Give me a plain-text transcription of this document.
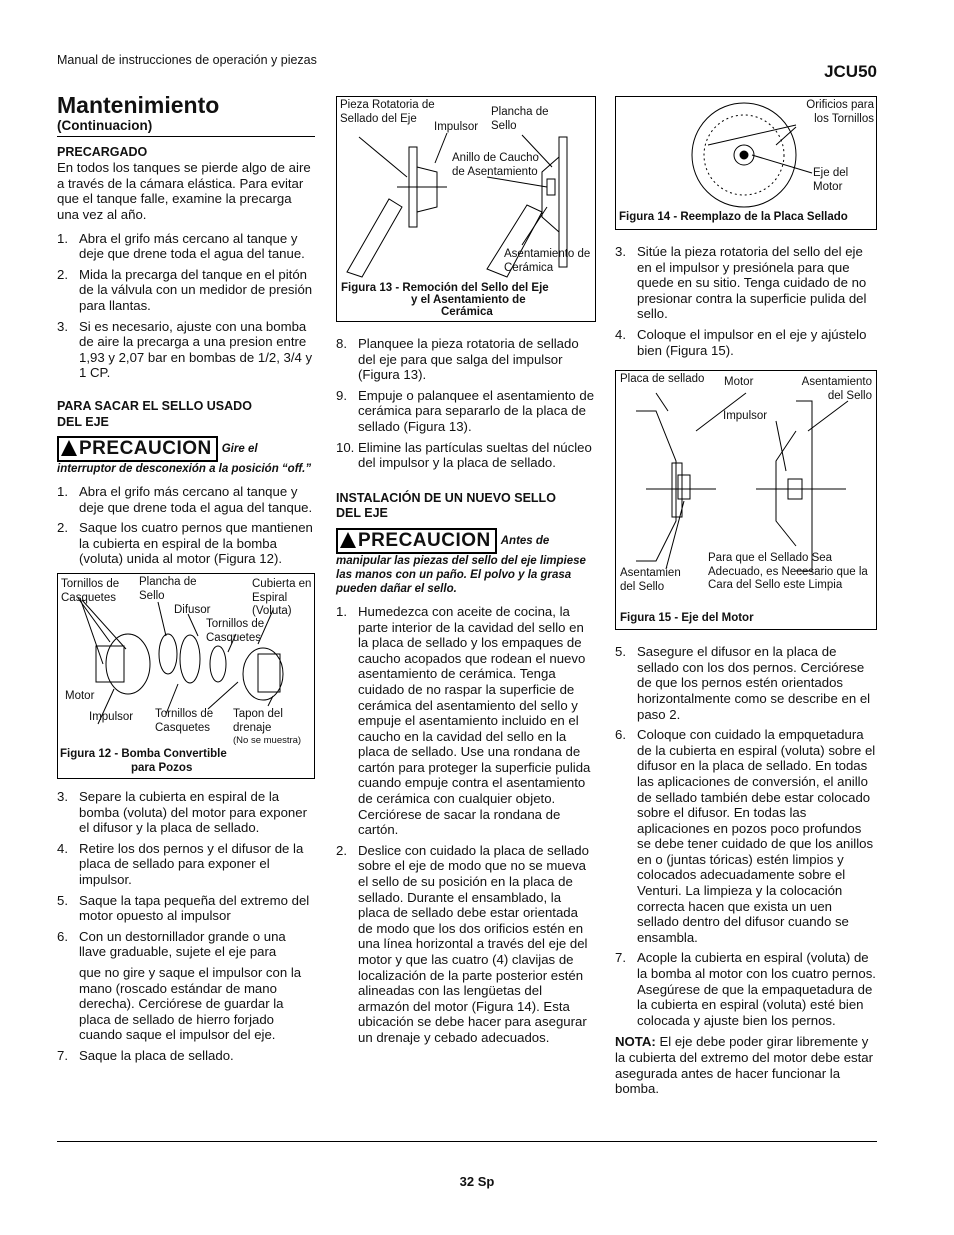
Manual de instrucciones de operación y piezas
JCU50
Mantenimiento
(Continuacion)
PRECARGADO

En todos los tanques se pierde algo de aire a través de la cámara elástica. Para evitar que el tanque falle, examine la precarga una vez al año.

1. Abra el grifo más cercano al tanque y deje que drene toda el agua del tanue.
2. Mida la precarga del tanque en el pitón de la válvula con un medidor de presión para llantas.
3. Si es necesario, ajuste con una bomba de aire la precarga a una presion entre 1,93 y 2,07 bar en bombas de 1/2, 3/4 y 1 CP.
PARA SACAR EL SELLO USADO
DEL EJE
PRECAUCION Gire el interruptor de desconexión a la posición “off.”
1. Abra el grifo más cercano al tanque y deje que drene toda el agua del tanque.
2. Saque los cuatro pernos que mantienen la cubierta en espiral de la bomba (voluta) unida al motor (Figura 12).
Tornillos de Casquetes
Plancha de Sello
Difusor
Cubierta en Espiral (Voluta)
Tornillos de Casquetes
Motor
Impulsor Tornillos de Casquetes
Tapon del drenaje
(No se muestra)
Figura 12 - Bomba Convertible
para Pozos
3. Separe la cubierta en espiral de la bomba (voluta) del motor para exponer el difusor y la placa de sellado.
4. Retire los dos pernos y el difusor de la placa de sellado para exponer el impulsor.
5. Saque la tapa pequeña del extremo del motor opuesto al impulsor
6. Con un destornillador grande o una llave graduable, sujete el eje para
que no gire y saque el impulsor con la mano (roscado estándar de mano derecha). Cerciórese de guardar la placa de sellado de hierro forjado cuando saque el impulsor del eje.
7. Saque la placa de sellado.
Pieza Rotatoria de Sellado del Eje
Impulsor
Plancha de Sello
Anillo de Caucho de Asentamiento
Asentamiento de Cerámica
Figura 13 - Remoción del Sello del Eje
y el Asentamiento de
Cerámica
8. Planquee la pieza rotatoria de sellado del eje para que salga del impulsor (Figura 13).
9. Empuje o palanquee el asentamiento de cerámica para separarlo de la placa de sellado (Figura 13).
10. Elimine las partículas sueltas del núcleo del impulsor y la placa de sellado.
INSTALACIÓN DE UN NUEVO SELLO
DEL EJE
PRECAUCION Antes de manipular las piezas del sello del eje limpiese las manos con un paño. El polvo y la grasa pueden dañar el sello.
1. Humedezca con aceite de cocina, la parte interior de la cavidad del sello en la placa de sellado y los empaques de caucho acopados que rodean el nuevo asentamiento de cerámica. Tenga cuidado de no raspar la superficie de cerámica del asentamiento del sello y empuje el asentamiento incluido en el caucho en la cavidad del sello en la placa de sellado. Use una rondana de cartón para proteger la superficie pulida cuando empuje contra el asentamiento de cerámica con cualquier objeto. Cerciórese de sacar la rondana de cartón.
2. Deslice con cuidado la placa de sellado sobre el eje de modo que no se mueva el sello de su posición en la placa de sellado. Durante el ensamblado, la placa de sellado debe estar orientada de modo que los dos orificios estén en una línea horizontal a través del eje del motor y que las cuatro (4) clavijas de localización de la parte posterior estén alineadas con las lengüetas del armazón del motor (Figura 14). Esta ubicación se debe hacer para asegurar un drenaje y cebado adecuados.
Orificios para los Tornillos
Eje del Motor
Figura 14 - Reemplazo de la Placa Sellado
3. Sitúe la pieza rotatoria del sello del eje en el impulsor y presiónela para que quede en su sitio. Tenga cuidado de no presionar contra la superficie pulida del sello.
4. Coloque el impulsor en el eje y ajústelo bien (Figura 15).
Placa de sellado Motor	Asentamiento del Sello
Impulsor
Asentamien del Sello
Para que el Sellado Sea Adecuado, es Necesario que la Cara del Sello este Limpia
Figura 15 - Eje del Motor
5. Sasegure el difusor en la placa de sellado con los dos pernos. Cerciórese de que los pernos estén orientados horizontalmente como se describe en el paso 2.
6. Coloque con cuidado la empquetadura de la cubierta en espiral (voluta) sobre el difusor en la placa de sellado. En todas las aplicaciones de conversión, el anillo de sellado también debe estar colocado sobre el difusor. En todas las aplicaciones en pozos poco profundos se debe tener cuidado de que los anillos en o (juntas tóricas) estén limpios y colocados adecuadamente sobre el Venturi. La limpieza y la colocación correcta hacen que exista un uen sellado dentro del difusor cuando se ensambla.
7. Acople la cubierta en espiral (voluta) de la bomba al motor con los cuatro pernos. Asegúrese de que la empaquetadura de la cubierta en espiral (voluta) esté bien colocada y ajuste bien los pernos.

NOTA: El eje debe poder girar libremente y la cubierta del extremo del motor debe estar asegurada antes de hacer funcionar la bomba.

32 Sp
